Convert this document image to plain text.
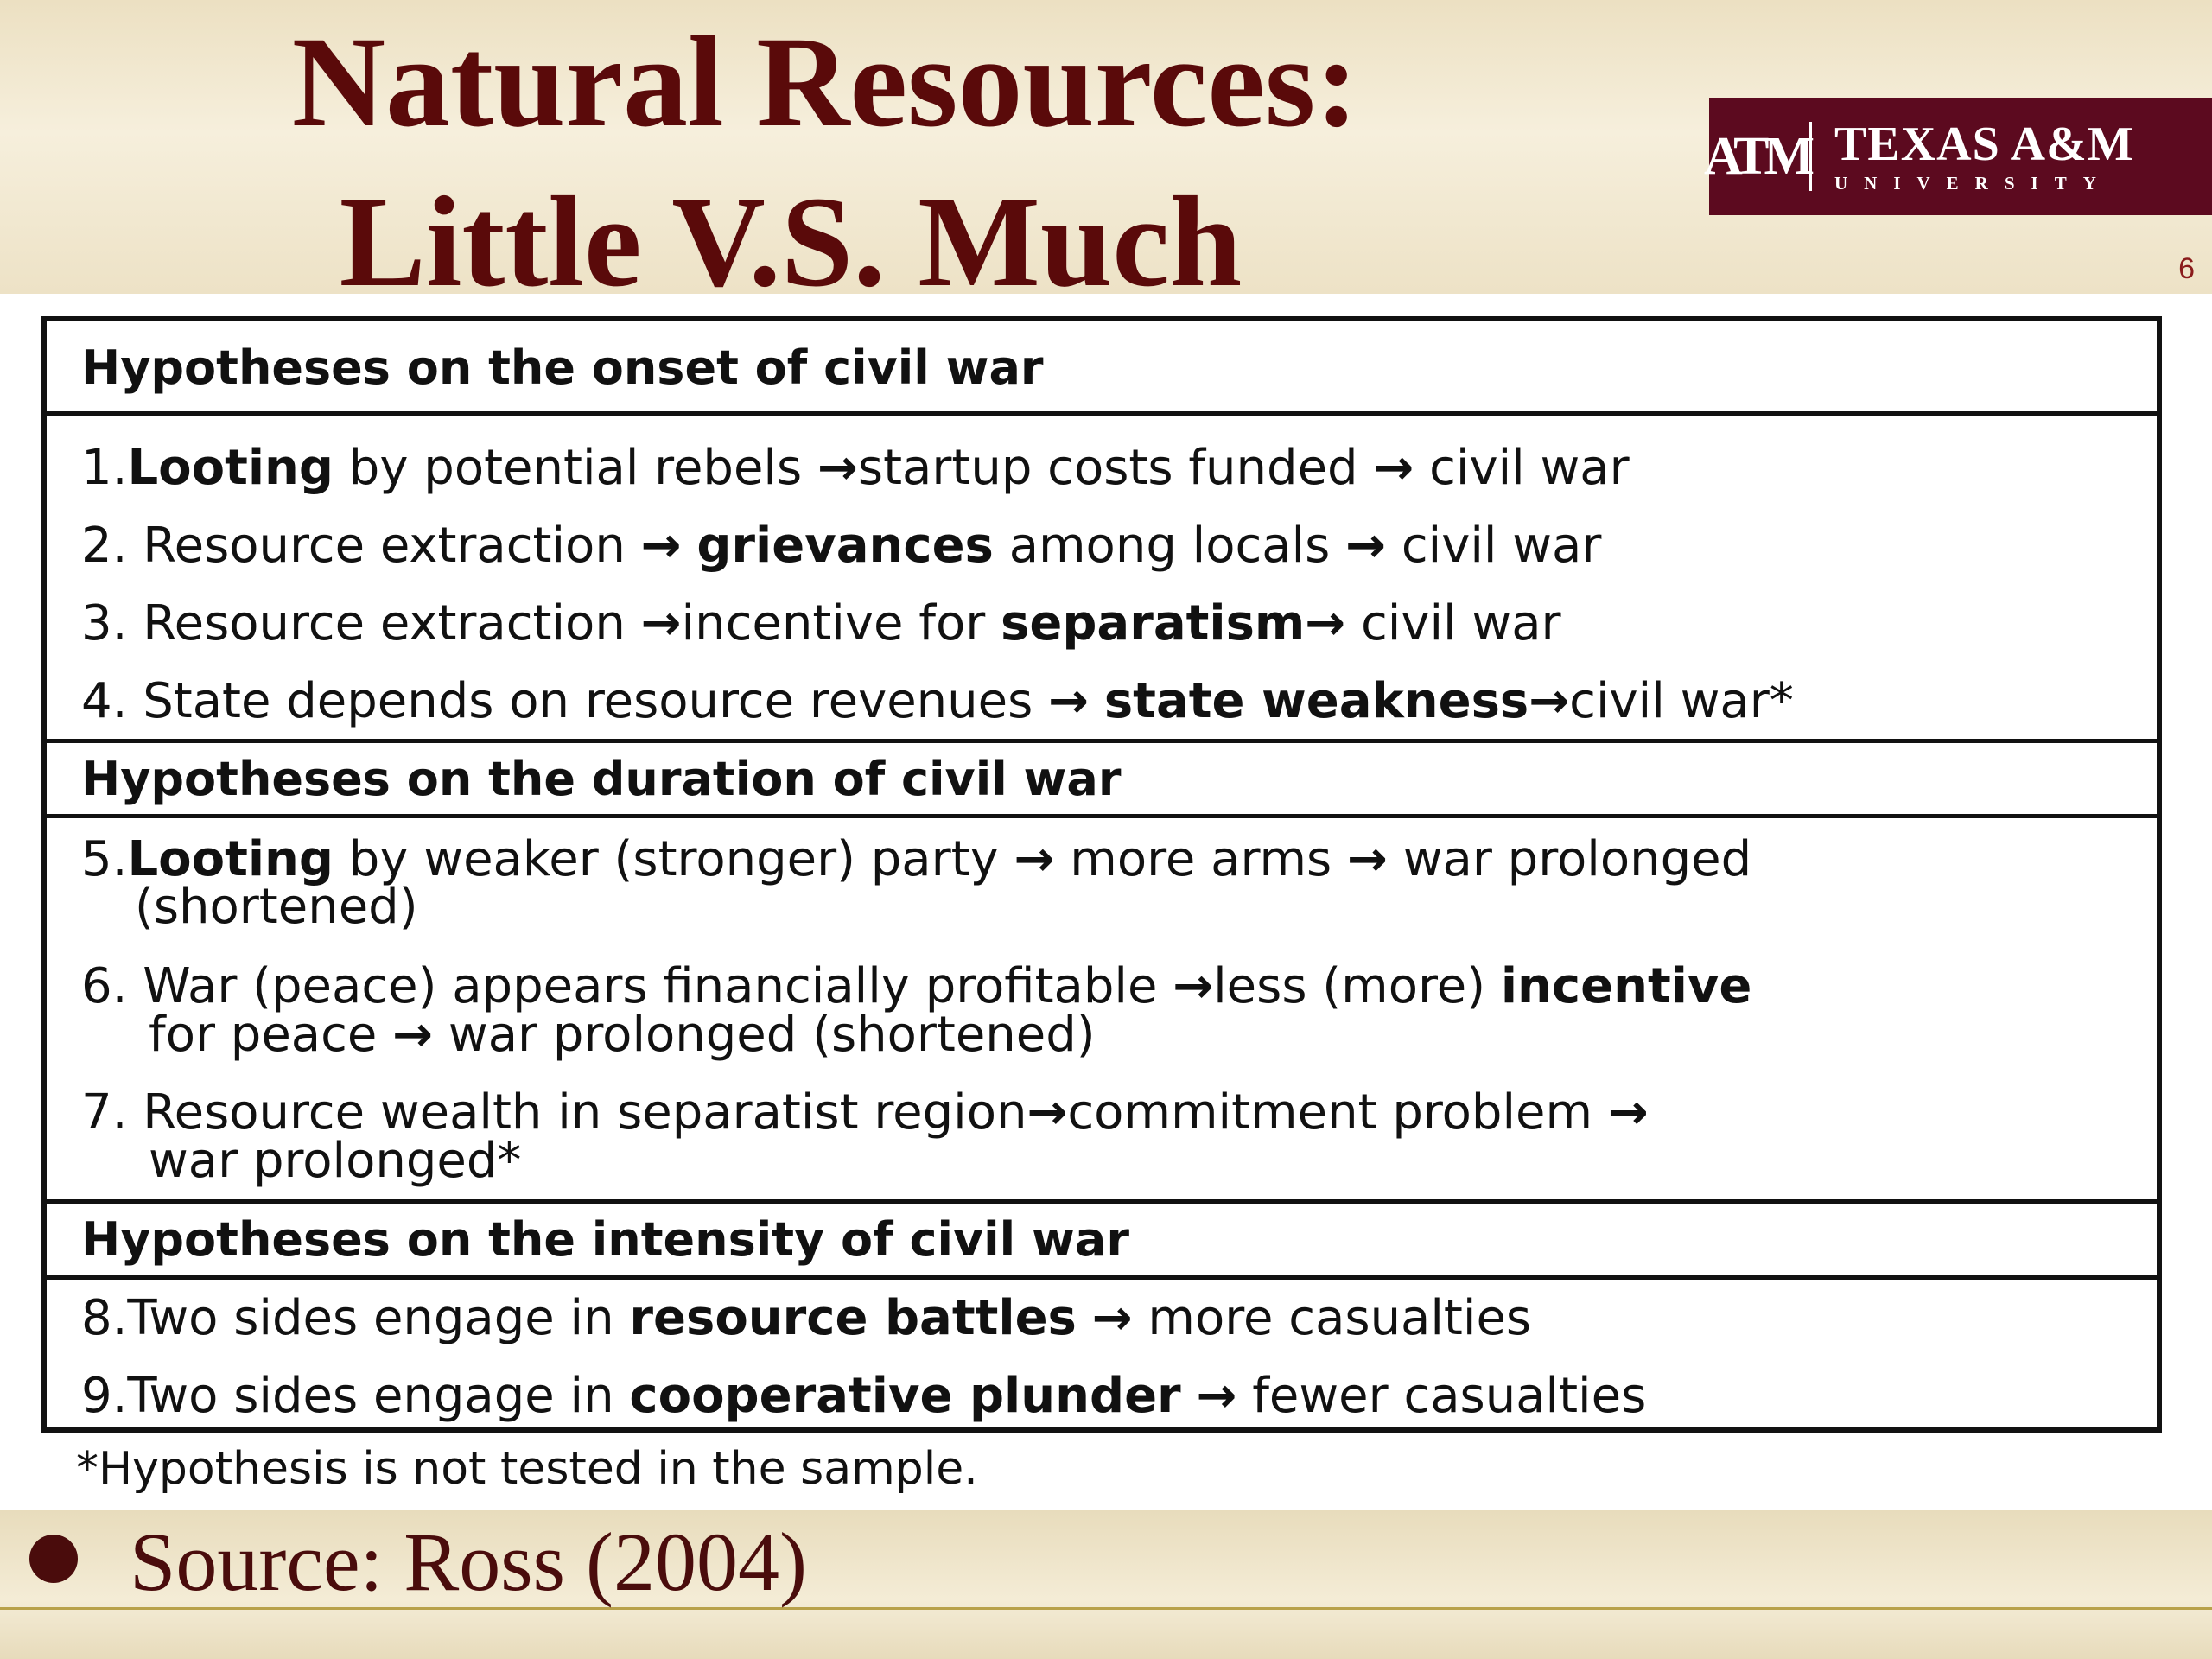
Natural Resources:
Little V.S. Much
ATM TEXAS A&M
UNIVERSITY
6
Hypotheses on the onset of civil war
1.Looting by potential rebels →startup costs funded → civil war
2. Resource extraction → grievances among locals → civil war
3. Resource extraction →incentive for separatism→ civil war
4. State depends on resource revenues → state weakness→civil war*
Hypotheses on the duration of civil war
5.Looting by weaker (stronger) party → more arms → war prolonged
(shortened)
6. War (peace) appears financially profitable →less (more) incentive
for peace → war prolonged (shortened)
7. Resource wealth in separatist region→commitment problem →
war prolonged*
Hypotheses on the intensity of civil war
8.Two sides engage in resource battles → more casualties
9.Two sides engage in cooperative plunder → fewer casualties
*Hypothesis is not tested in the sample.
Source: Ross (2004)
